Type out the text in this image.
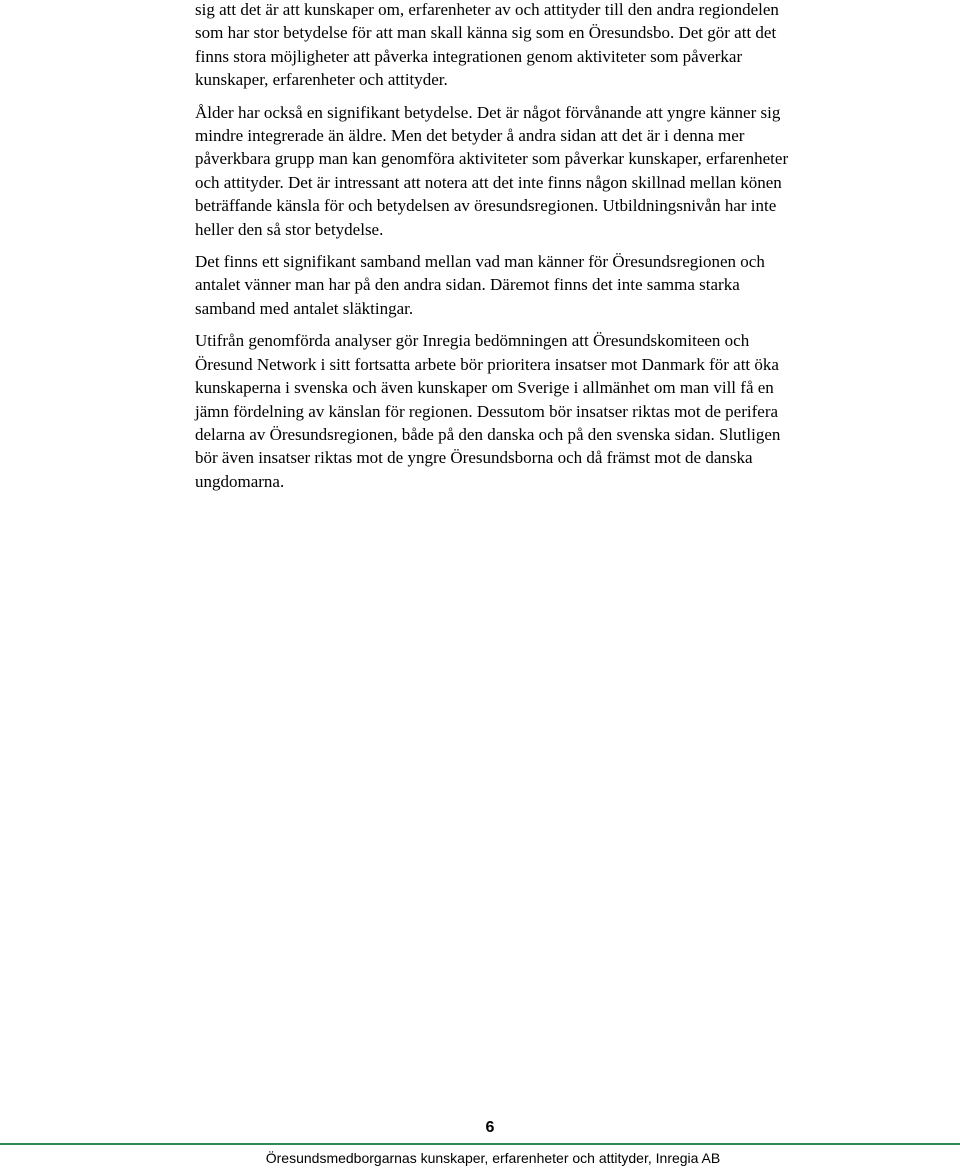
sig att det är att kunskaper om, erfarenheter av och attityder till den andra regiondelen som har stor betydelse för att man skall känna sig som en Öresundsbo. Det gör att det finns stora möjligheter att påverka integrationen genom aktiviteter som påverkar kunskaper, erfarenheter och attityder.

Ålder har också en signifikant betydelse. Det är något förvånande att yngre känner sig mindre integrerade än äldre. Men det betyder å andra sidan att det är i denna mer påverkbara grupp man kan genomföra aktiviteter som påverkar kunskaper, erfarenheter och attityder. Det är intressant att notera att det inte finns någon skillnad mellan könen beträffande känsla för och betydelsen av öresundsregionen. Utbildningsnivån har inte heller den så stor betydelse.

Det finns ett signifikant samband mellan vad man känner för Öresundsregionen och antalet vänner man har på den andra sidan. Däremot finns det inte samma starka samband med antalet släktingar.

Utifrån genomförda analyser gör Inregia bedömningen att Öresundskomiteen och Öresund Network i sitt fortsatta arbete bör prioritera insatser mot Danmark för att öka kunskaperna i svenska och även kunskaper om Sverige i allmänhet om man vill få en jämn fördelning av känslan för regionen. Dessutom bör insatser riktas mot de perifera delarna av Öresundsregionen, både på den danska och på den svenska sidan. Slutligen bör även insatser riktas mot de yngre Öresundsborna och då främst mot de danska ungdomarna.

6
Öresundsmedborgarnas kunskaper, erfarenheter och attityder, Inregia AB
